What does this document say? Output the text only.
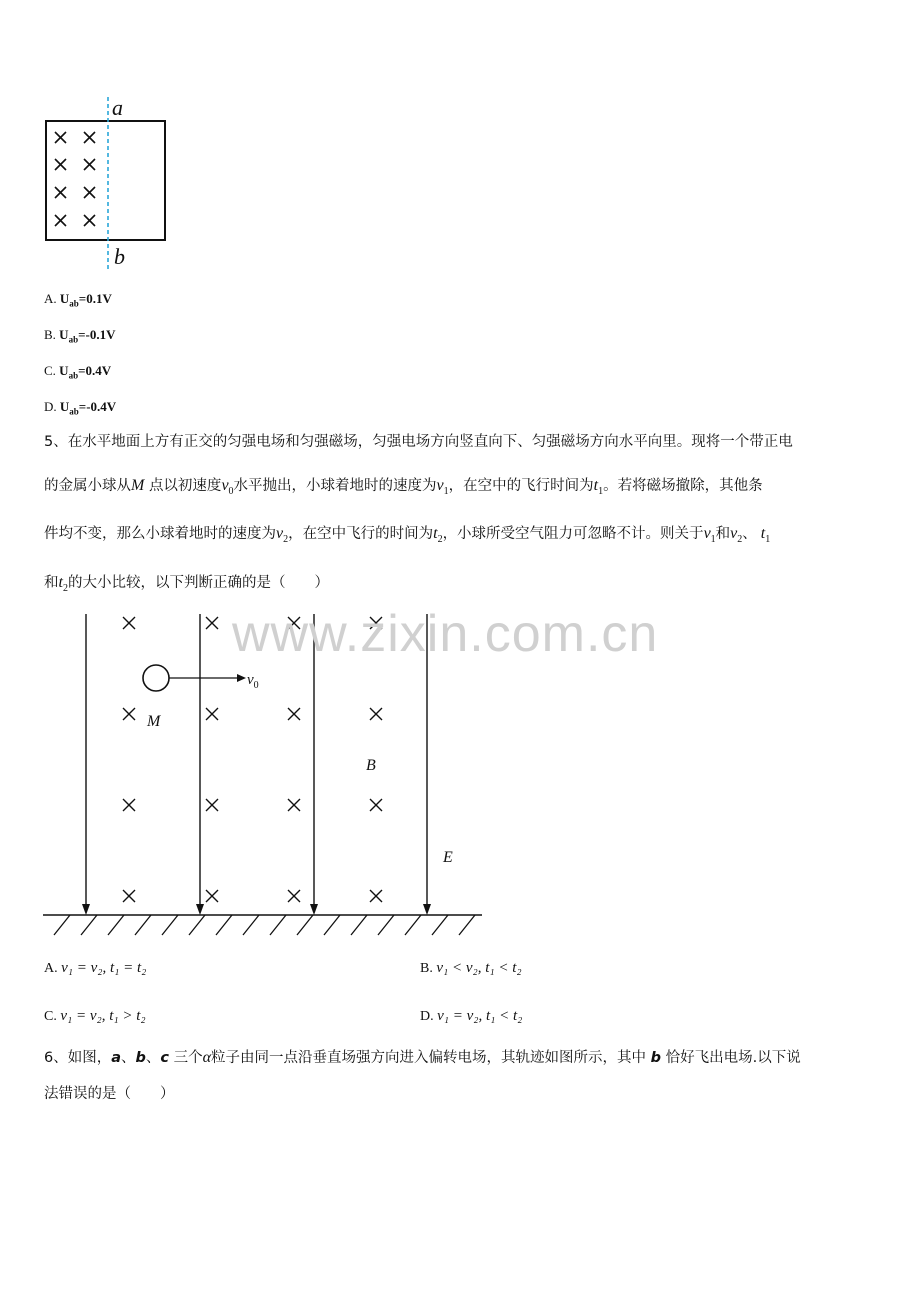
a
b
A. $U_{ab}=0.1V$
B. $U_{ab}=-0.1V$
C. $U_{ab}=0.4V$
D. $U_{ab}=-0.4V$
5、在水平地面上方有正交的匀强电场和匀强磁场，匀强电场方向竖直向下、匀强磁场方向水平向里。现将一个带正电
的金属小球从M 点以初速度$v_0$水平抛出，小球着地时的速度为$v_1$，在空中的飞行时间为$t_1$。若将磁场撤除，其他条
件均不变，那么小球着地时的速度为$v_2$，在空中飞行的时间为$t_2$，小球所受空气阻力可忽略不计。则关于$v_1$和$v_2$、 $t_1$
和$t_2$的大小比较，以下判断正确的是（　　）
$v_0$
M
B
E
www.zixin.com.cn
A. v₁ = v₂, t₁ = t₂	B. v₁ < v₂, t₁ < t₂
C. v₁ = v₂, t₁ > t₂	D. v₁ = v₂, t₁ < t₂
6、如图，a、b、c 三个α粒子由同一点沿垂直场强方向进入偏转电场，其轨迹如图所示，其中 b 恰好飞出电场.以下说
法错误的是（　　）
